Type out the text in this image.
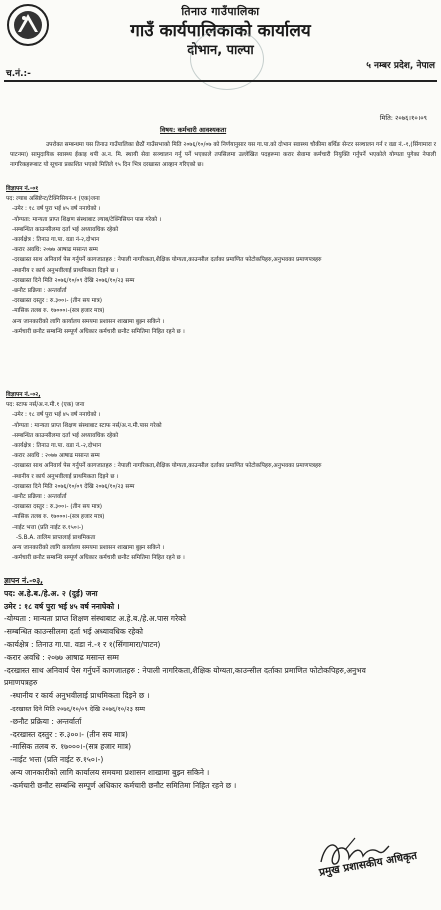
तिनाउ गाउँपालिका
गाउँ कार्यपालिकाको कार्यालय
दोभान, पाल्पा
५ नम्बर प्रदेश, नेपाल
च.नं.:-
मिति: २०७६।१०।०९
विषय: कर्मचारी आवश्यकता
उपरोक्त सम्बन्धमा यस तिनाउ गाउँपालिका छैठौं गाउँसभाको मिति २०७६/१०/०७ को निर्णयानुसार यस गा.पा.को दोभान स्वास्थ्य चौकीमा बर्थिङ सेन्टर सञ्चालन गर्न र वडा नं.-१,(सिंगामारा र पाटनमा) सामुदायिक स्वास्थ्य ईकाइ थपी अ.न. मि. स्थायी सेवा सञ्चालन गर्नु पर्ने भएकाले तपसिलमा उल्लेखित पदहरूमा करार सेवामा कर्मचारी नियुक्ति गर्नुपर्ने भएकोले योग्यता पुगेका नेपाली नागरिकहरूबाट यो सूचना प्रकाशित भएको मितिले १५ दिन भित्र दरखास्त आव्हान गरिएको छ।
विज्ञापन नं.-०१
पद: ल्याब असिष्टेन्ट/टेक्निसियन-१ (एक)जना
-उमेर : १८ वर्ष पुरा भई ४५ वर्ष ननाघेको ।
-योग्यता: मान्यता प्राप्त शिक्षण संस्थाबाट ल्याब/टेक्निसियन पास गरेको ।
-सम्बन्धित काउन्सीलमा दर्ता भई अध्यावधिक रहेको
-कार्यक्षेत्र : तिनाउ गा.पा. वडा नं-२,दोभान
-करार अवधि: २०७७ आषाढ मसान्त सम्म
-दरखास्त साथ अनिवार्य पेस गर्नुपर्ने कागजातहरु : नेपाली नागरिकता,शैक्षिक योग्यता,काउन्सील दर्ताका प्रमाणित फोटोकपिहरु,अनुभवका प्रमाणपत्रहरु
-स्थानीय र कार्य अनुभवीलाई प्राथमिकता दिइने छ ।
-दरखास्त दिने मिति २०७६/१०/०९ देखि २०७६/१०/२३ सम्म
-छनौट प्रक्रिया : अन्तर्वार्ता
-दरखास्त दस्तुर : रु.३००।- (तीन सय मात्र)
-मासिक तलब रु. १७०००।-(सत्र हजार मात्र)
अन्य जानकारीको लागि कार्यालय समयमा प्रशासन शाखामा बुझ्न सकिने ।
-कर्मचारी छनौट सम्बन्धि सम्पूर्ण अधिकार कर्मचारी छनौट समितिमा निहित रहने छ ।
विज्ञापन नं.-०२,
पद: स्टाफ नर्स/अ.न.मी.१ (एक) जना
-उमेर : १८ वर्ष पुरा भई ४५ वर्ष ननाघेको ।
-योग्यता : मान्यता प्राप्त शिक्षण संस्थाबाट स्टाफ नर्स/अ.न.मी.पास गरेको
-सम्बन्धित काउन्सीलमा दर्ता भई अध्यावधिक रहेको
-कार्यक्षेत्र : तिनाउ गा.पा. वडा नं.-२,दोभान
-करार अवधि : २०७७ आषाढ मसान्त सम्म
-दरखास्त साथ अनिवार्य पेस गर्नुपर्ने कागजातहरु : नेपाली नागरिकता,शैक्षिक योग्यता,काउन्सील दर्ताका प्रमाणित फोटोकपिहरु,अनुभवका प्रमाणपत्रहरु
-स्थानीय र कार्य अनुभवीलाई प्राथमिकता दिइने छ ।
-दरखास्त दिने मिति २०७६/१०/०९ देखि २०७६/१०/२३ सम्म
-छनौट प्रक्रिया : अन्तर्वार्ता
-दरखास्त दस्तुर : रु.३००।- (तीन सय मात्र)
-मासिक तलब रु. १७०००।-(सत्र हजार मात्र)
-नाईट भत्ता (प्रति नाईट रु.१५०।-)
-S.B.A. तालिम प्राप्तलाई प्राथमिकता
अन्य जानकारीको लागि कार्यालय समयमा प्रशासन शाखामा बुझ्न सकिने ।
-कर्मचारी छनौट सम्बन्धि सम्पूर्ण अधिकार कर्मचारी छनौट समितिमा निहित रहने छ ।
ज्ञापन नं.-०३,
पद: अ.हे.ब./हे.अ. २ (दुई) जना
उमेर : १८ वर्ष पुरा भई ४५ वर्ष ननाघेको ।
-योग्यता : मान्यता प्राप्त शिक्षण संस्थाबाट अ.हे.ब./हे.अ.पास गरेको
-सम्बन्धित काउन्सीलमा दर्ता भई अध्यावधिक रहेको
-कार्यक्षेत्र : तिनाउ गा.पा. वडा नं.-१ र १(सिंगामारा/पाटन)
-करार अवधि : २०७७ आषाढ मसान्त सम्म
-दरखास्त साथ अनिवार्य पेस गर्नुपर्ने कागजातहरु : नेपाली नागरिकता,शैक्षिक योग्यता,काउन्सील दर्ताका प्रमाणित फोटोकपिहरु,अनुभव
प्रमाणपत्रहरु
-स्थानीय र कार्य अनुभवीलाई प्राथमिकता दिइने छ ।
-दरखास्त दिने मिति २०७६/१०/०९ देखि २०७६/१०/२३ सम्म
-छनौट प्रक्रिया : अन्तर्वार्ता
-दरखास्त दस्तुर : रु.३००।- (तीन सय मात्र)
-मासिक तलब रु. १७०००।-(सत्र हजार मात्र)
-नाईट भत्ता (प्रति नाईट रु.१५०।-)
अन्य जानकारीको लागि कार्यालय समयमा प्रशासन शाखामा बुझ्न सकिने ।
-कर्मचारी छनौट सम्बन्धि सम्पूर्ण अधिकार कर्मचारी छनौट समितिमा निहित रहने छ ।
प्रमुख प्रशासकीय अधिकृत
